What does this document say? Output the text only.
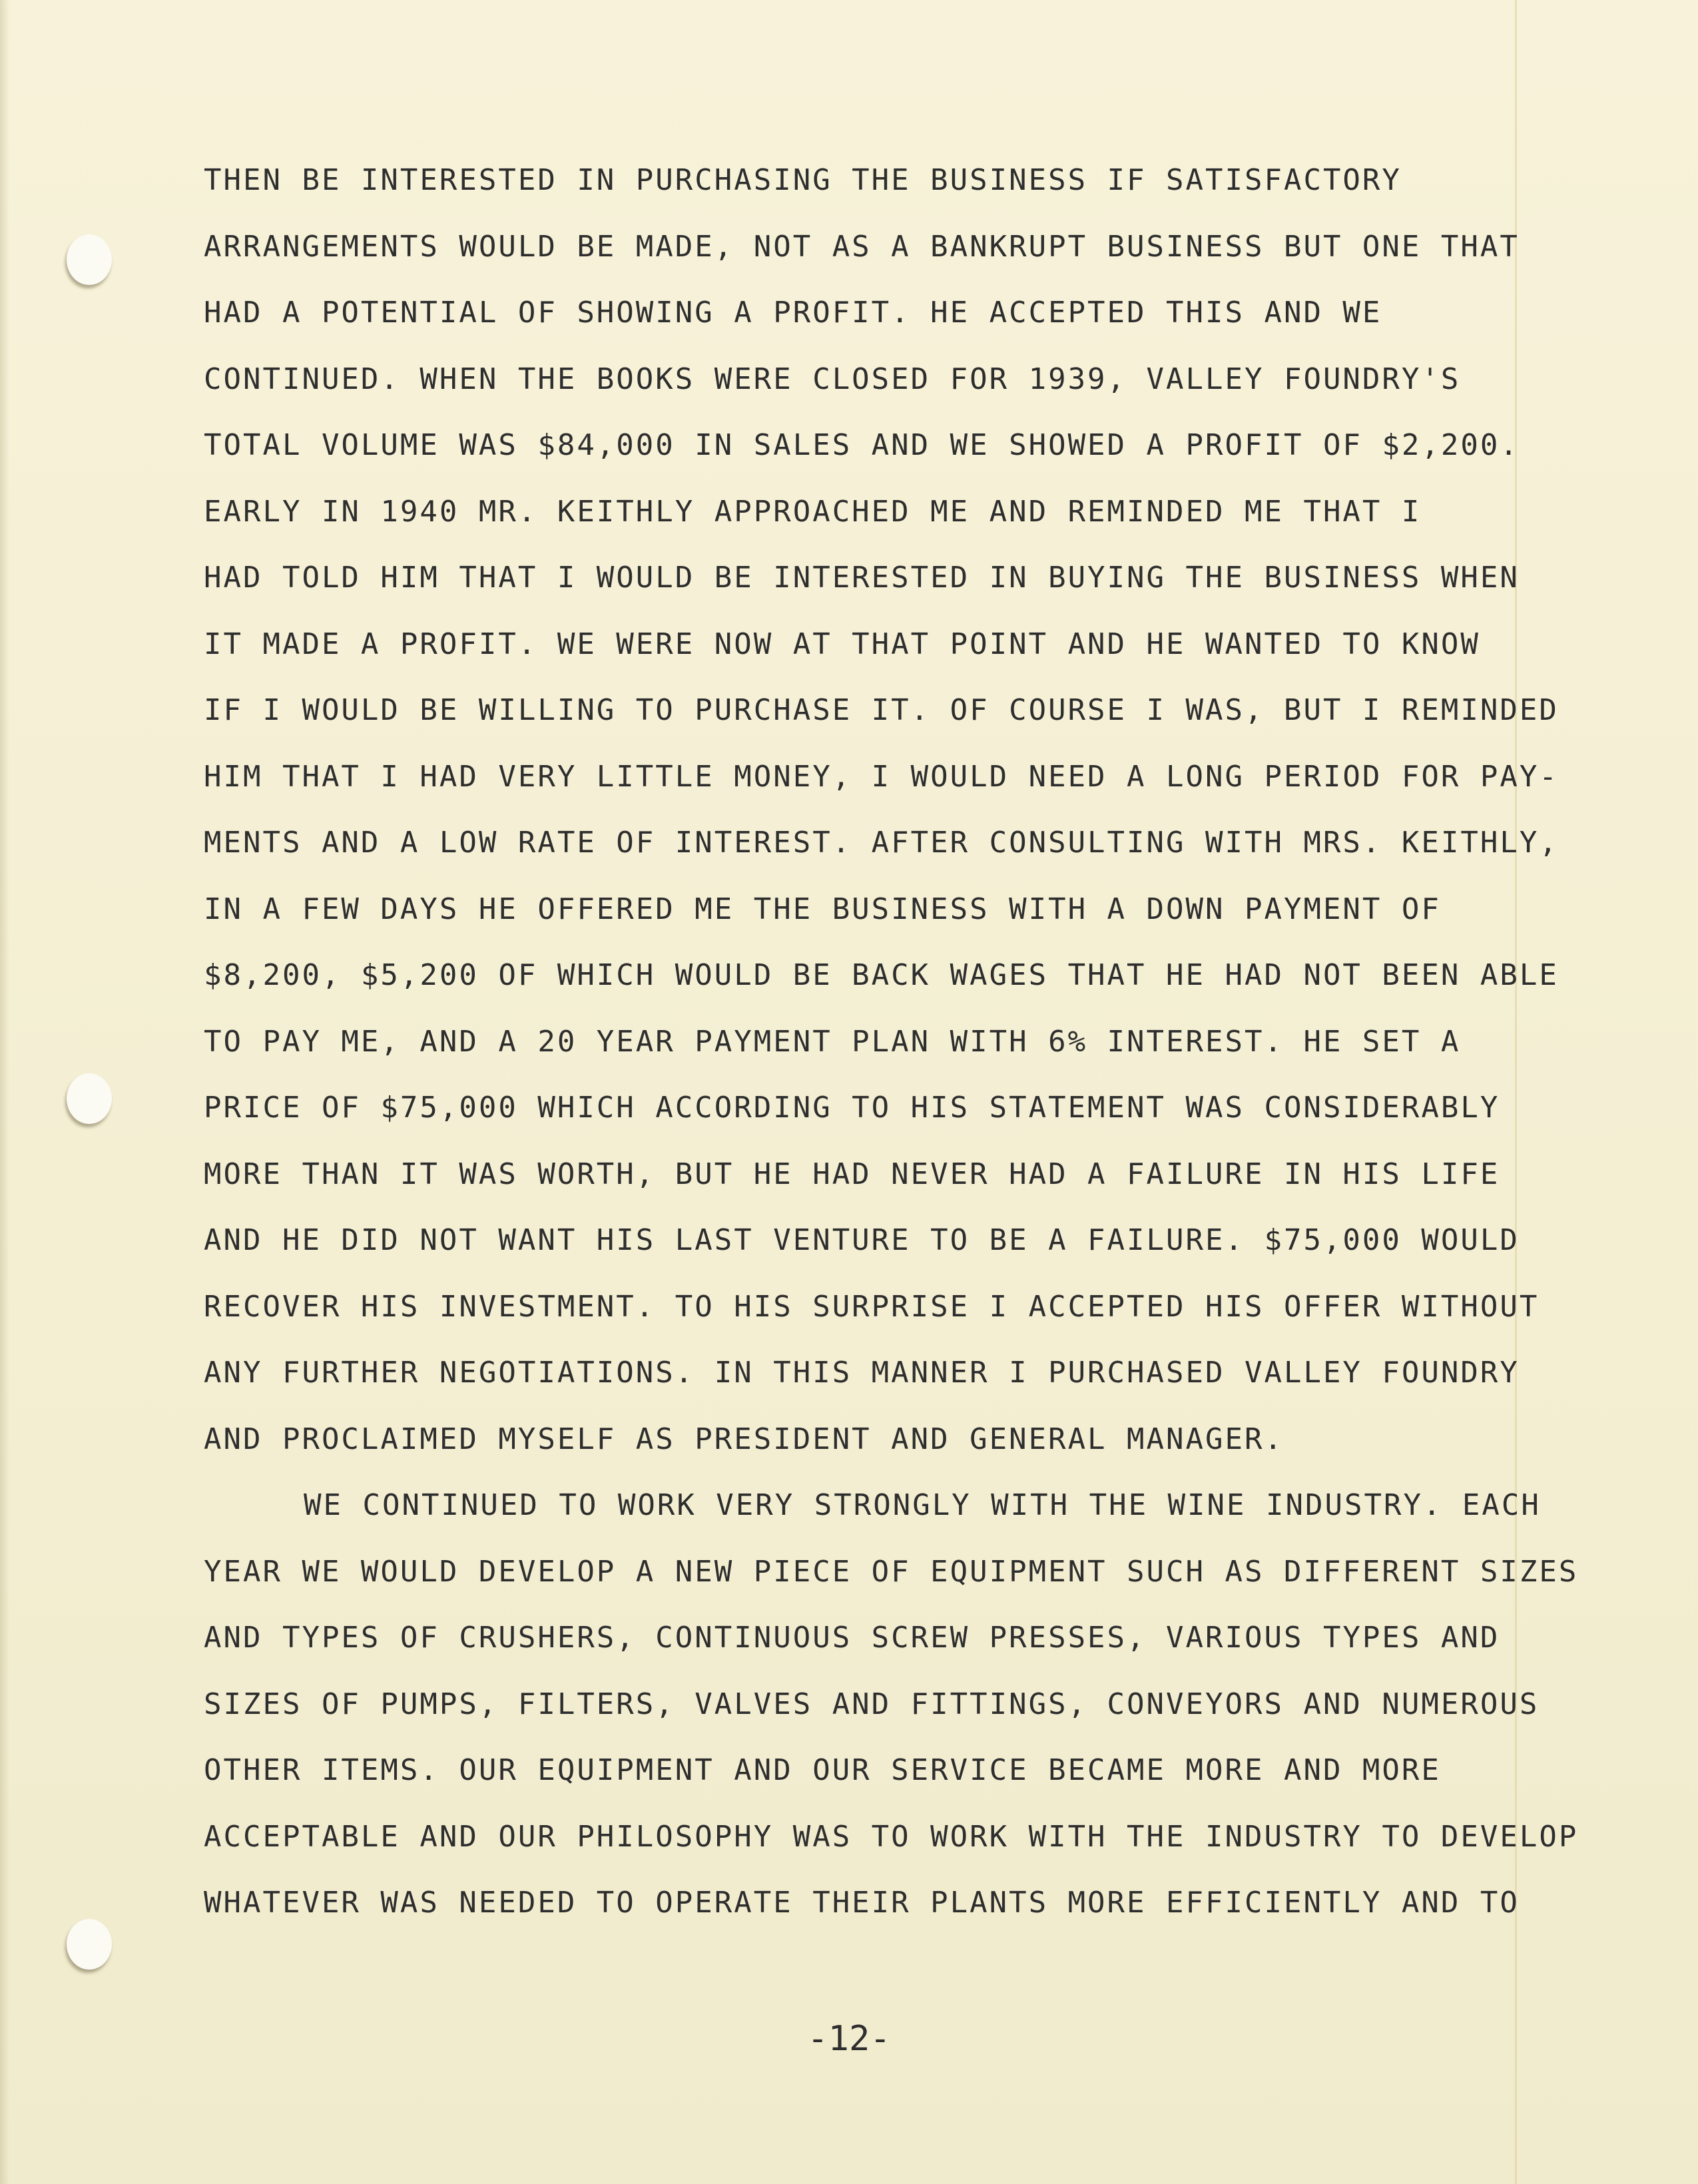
THEN BE INTERESTED IN PURCHASING THE BUSINESS IF SATISFACTORY
ARRANGEMENTS WOULD BE MADE, NOT AS A BANKRUPT BUSINESS BUT ONE THAT
HAD A POTENTIAL OF SHOWING A PROFIT. HE ACCEPTED THIS AND WE
CONTINUED. WHEN THE BOOKS WERE CLOSED FOR 1939, VALLEY FOUNDRY'S
TOTAL VOLUME WAS $84,000 IN SALES AND WE SHOWED A PROFIT OF $2,200.
EARLY IN 1940 MR. KEITHLY APPROACHED ME AND REMINDED ME THAT I
HAD TOLD HIM THAT I WOULD BE INTERESTED IN BUYING THE BUSINESS WHEN
IT MADE A PROFIT. WE WERE NOW AT THAT POINT AND HE WANTED TO KNOW
IF I WOULD BE WILLING TO PURCHASE IT. OF COURSE I WAS, BUT I REMINDED
HIM THAT I HAD VERY LITTLE MONEY, I WOULD NEED A LONG PERIOD FOR PAY-
MENTS AND A LOW RATE OF INTEREST. AFTER CONSULTING WITH MRS. KEITHLY,
IN A FEW DAYS HE OFFERED ME THE BUSINESS WITH A DOWN PAYMENT OF
$8,200, $5,200 OF WHICH WOULD BE BACK WAGES THAT HE HAD NOT BEEN ABLE
TO PAY ME, AND A 20 YEAR PAYMENT PLAN WITH 6% INTEREST. HE SET A
PRICE OF $75,000 WHICH ACCORDING TO HIS STATEMENT WAS CONSIDERABLY
MORE THAN IT WAS WORTH, BUT HE HAD NEVER HAD A FAILURE IN HIS LIFE
AND HE DID NOT WANT HIS LAST VENTURE TO BE A FAILURE. $75,000 WOULD
RECOVER HIS INVESTMENT. TO HIS SURPRISE I ACCEPTED HIS OFFER WITHOUT
ANY FURTHER NEGOTIATIONS. IN THIS MANNER I PURCHASED VALLEY FOUNDRY
AND PROCLAIMED MYSELF AS PRESIDENT AND GENERAL MANAGER.
WE CONTINUED TO WORK VERY STRONGLY WITH THE WINE INDUSTRY. EACH
YEAR WE WOULD DEVELOP A NEW PIECE OF EQUIPMENT SUCH AS DIFFERENT SIZES
AND TYPES OF CRUSHERS, CONTINUOUS SCREW PRESSES, VARIOUS TYPES AND
SIZES OF PUMPS, FILTERS, VALVES AND FITTINGS, CONVEYORS AND NUMEROUS
OTHER ITEMS. OUR EQUIPMENT AND OUR SERVICE BECAME MORE AND MORE
ACCEPTABLE AND OUR PHILOSOPHY WAS TO WORK WITH THE INDUSTRY TO DEVELOP
WHATEVER WAS NEEDED TO OPERATE THEIR PLANTS MORE EFFICIENTLY AND TO
-12-
